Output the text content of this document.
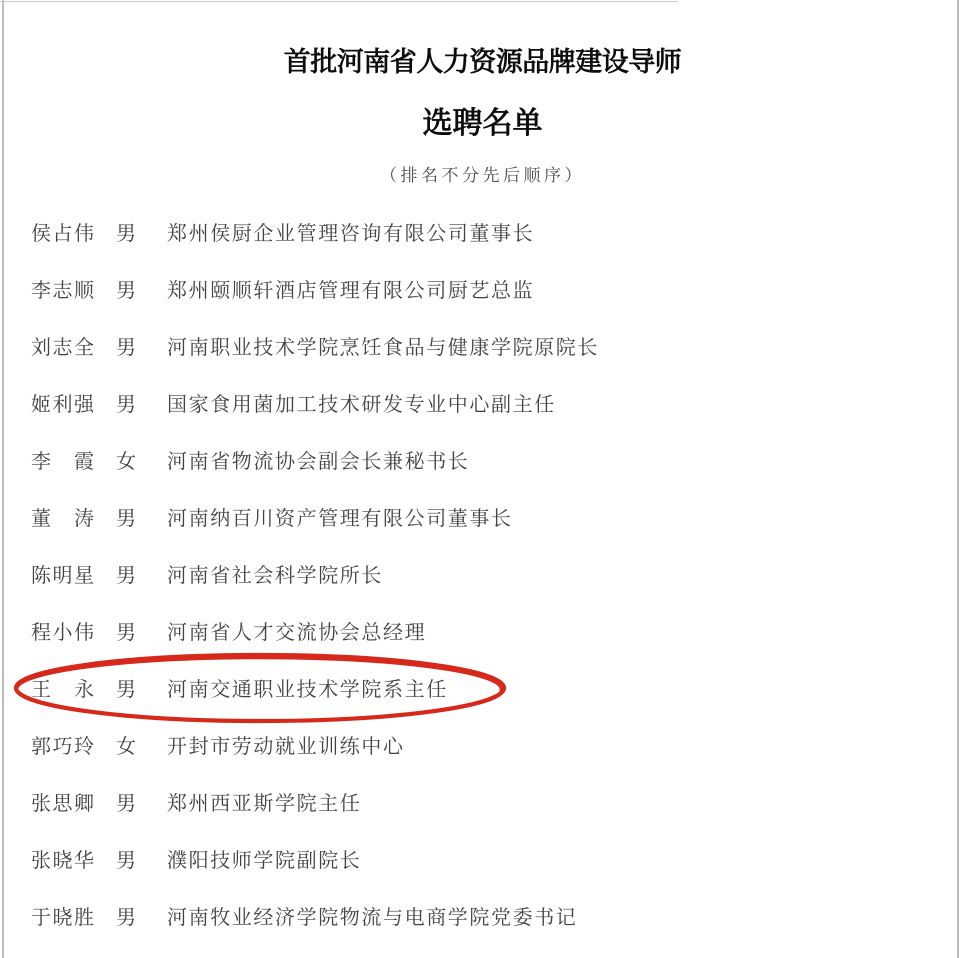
首批河南省人力资源品牌建设导师
选聘名单
（排名不分先后顺序）
侯占伟 男 郑州侯厨企业管理咨询有限公司董事长
李志顺 男 郑州颐顺轩酒店管理有限公司厨艺总监
刘志全 男 河南职业技术学院烹饪食品与健康学院原院长
姬利强 男 国家食用菌加工技术研发专业中心副主任
李　霞 女 河南省物流协会副会长兼秘书长
董　涛 男 河南纳百川资产管理有限公司董事长
陈明星 男 河南省社会科学院所长
程小伟 男 河南省人才交流协会总经理
王　永 男 河南交通职业技术学院系主任
郭巧玲 女 开封市劳动就业训练中心
张思卿 男 郑州西亚斯学院主任
张晓华 男 濮阳技师学院副院长
于晓胜 男 河南牧业经济学院物流与电商学院党委书记
